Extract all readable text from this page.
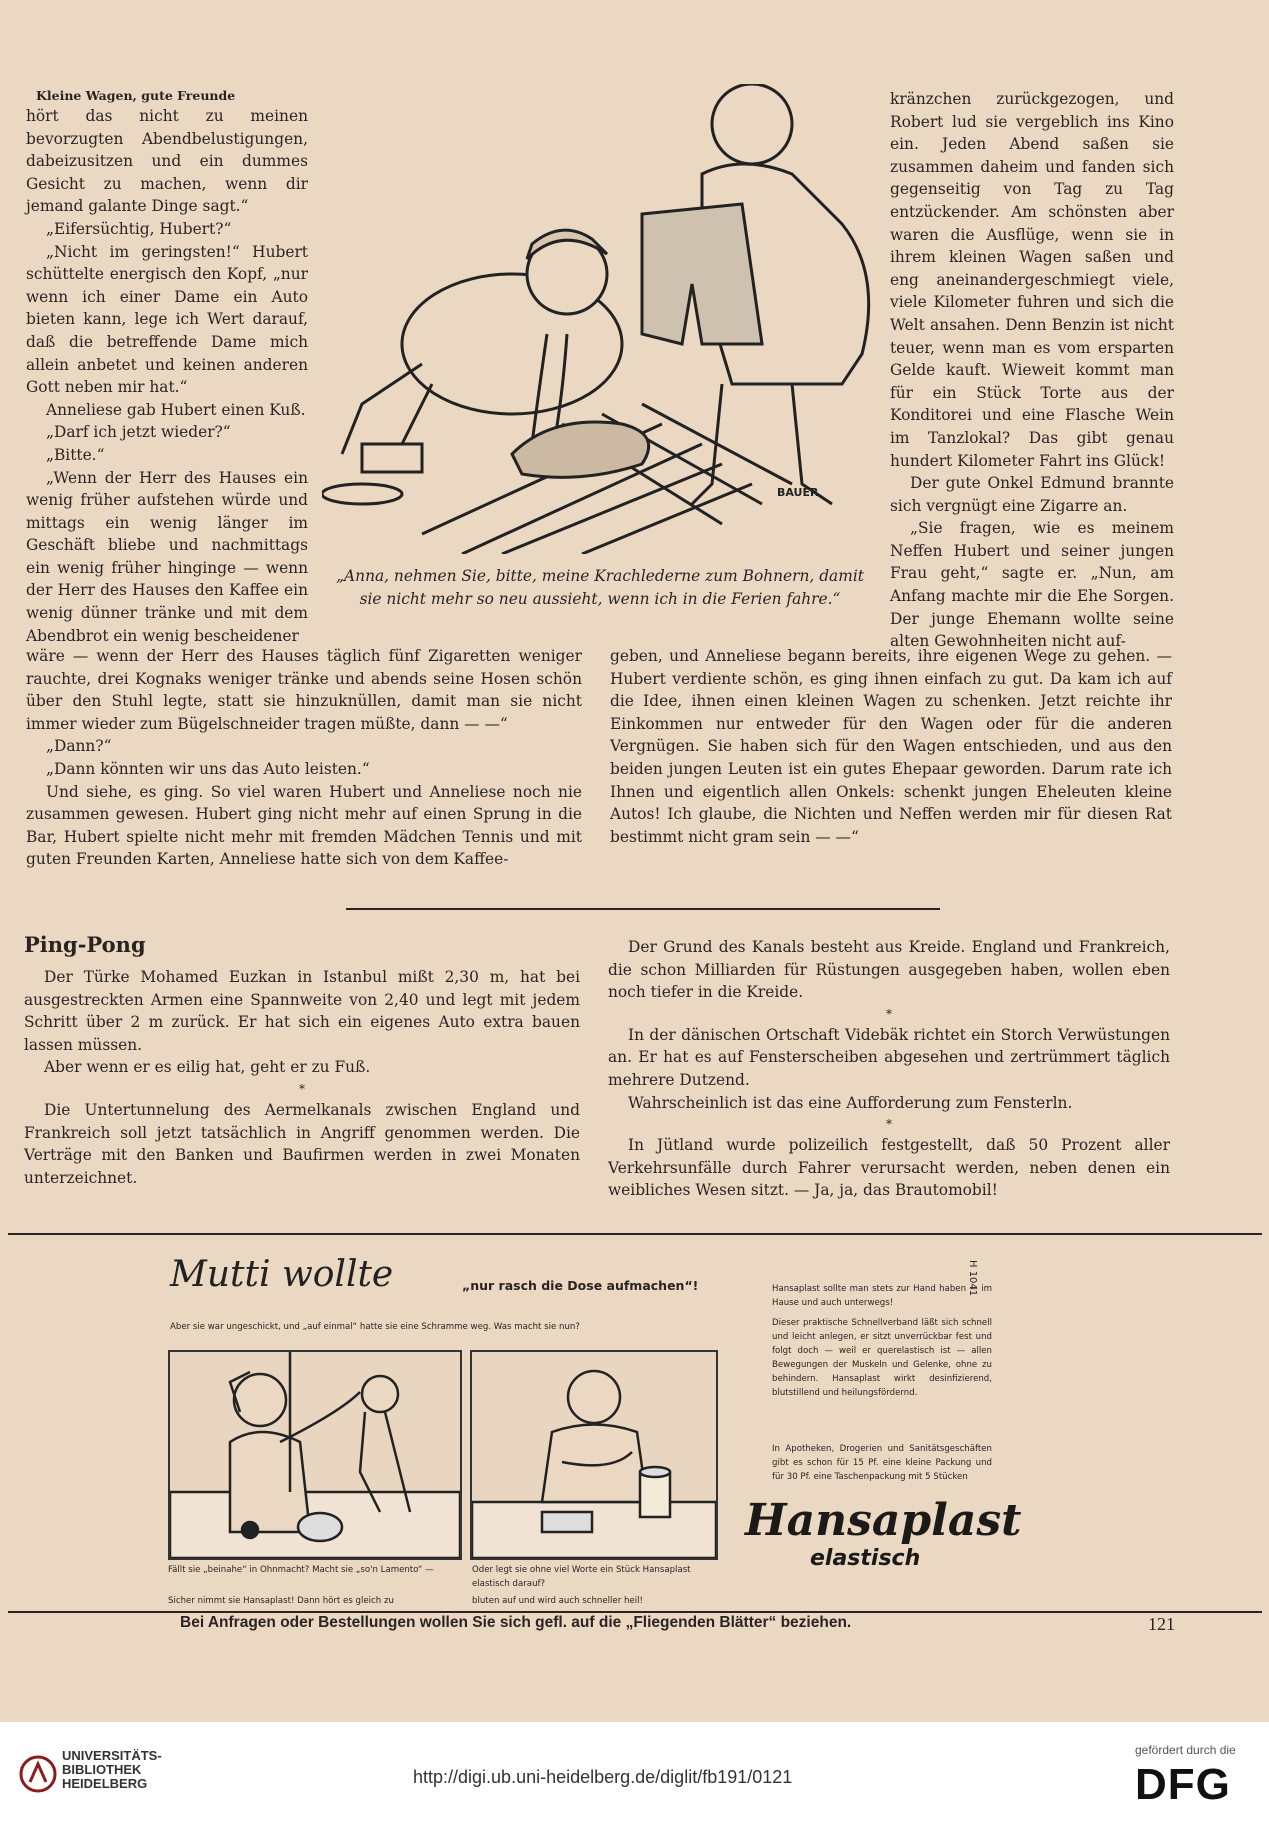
Kleine Wagen, gute Freunde

hört das nicht zu meinen bevorzugten Abendbelustigungen, dabeizusitzen und ein dummes Gesicht zu machen, wenn dir jemand galante Dinge sagt.“

„Eifersüchtig, Hubert?“

„Nicht im geringsten!“ Hubert schüttelte energisch den Kopf, „nur wenn ich einer Dame ein Auto bieten kann, lege ich Wert darauf, daß die betreffende Dame mich allein anbetet und keinen anderen Gott neben mir hat.“

Anneliese gab Hubert einen Kuß.

„Darf ich jetzt wieder?“

„Bitte.“

„Wenn der Herr des Hauses ein wenig früher aufstehen würde und mittags ein wenig länger im Geschäft bliebe und nachmittags ein wenig früher hinginge — wenn der Herr des Hauses den Kaffee ein wenig dünner tränke und mit dem Abendbrot ein wenig bescheidener

BAUER

kränzchen zurückgezogen, und Robert lud sie vergeblich ins Kino ein. Jeden Abend saßen sie zusammen daheim und fanden sich gegenseitig von Tag zu Tag entzückender. Am schönsten aber waren die Ausflüge, wenn sie in ihrem kleinen Wagen saßen und eng aneinandergeschmiegt viele, viele Kilometer fuhren und sich die Welt ansahen. Denn Benzin ist nicht teuer, wenn man es vom ersparten Gelde kauft. Wieweit kommt man für ein Stück Torte aus der Konditorei und eine Flasche Wein im Tanzlokal? Das gibt genau hundert Kilometer Fahrt ins Glück!

Der gute Onkel Edmund brannte sich vergnügt eine Zigarre an.

„Sie fragen, wie es meinem Neffen Hubert und seiner jungen Frau geht,“ sagte er. „Nun, am Anfang machte mir die Ehe Sorgen. Der junge Ehemann wollte seine alten Gewohnheiten nicht auf-

„Anna, nehmen Sie, bitte, meine Krachlederne zum Bohnern, damit sie nicht mehr so neu aussieht, wenn ich in die Ferien fahre.“

wäre — wenn der Herr des Hauses täglich fünf Zigaretten weniger rauchte, drei Kognaks weniger tränke und abends seine Hosen schön über den Stuhl legte, statt sie hinzuknüllen, damit man sie nicht immer wieder zum Bügelschneider tragen müßte, dann — —“

„Dann?“

„Dann könnten wir uns das Auto leisten.“

Und siehe, es ging. So viel waren Hubert und Anneliese noch nie zusammen gewesen. Hubert ging nicht mehr auf einen Sprung in die Bar, Hubert spielte nicht mehr mit fremden Mädchen Tennis und mit guten Freunden Karten, Anneliese hatte sich von dem Kaffee-

geben, und Anneliese begann bereits, ihre eigenen Wege zu gehen. — Hubert verdiente schön, es ging ihnen einfach zu gut. Da kam ich auf die Idee, ihnen einen kleinen Wagen zu schenken. Jetzt reichte ihr Einkommen nur entweder für den Wagen oder für die anderen Vergnügen. Sie haben sich für den Wagen entschieden, und aus den beiden jungen Leuten ist ein gutes Ehepaar geworden. Darum rate ich Ihnen und eigentlich allen Onkels: schenkt jungen Eheleuten kleine Autos! Ich glaube, die Nichten und Neffen werden mir für diesen Rat bestimmt nicht gram sein — —“

Ping-Pong

Der Türke Mohamed Euzkan in Istanbul mißt 2,30 m, hat bei ausgestreckten Armen eine Spannweite von 2,40 und legt mit jedem Schritt über 2 m zurück. Er hat sich ein eigenes Auto extra bauen lassen müssen.

Aber wenn er es eilig hat, geht er zu Fuß.

*

Die Untertunnelung des Aermelkanals zwischen England und Frankreich soll jetzt tatsächlich in Angriff genommen werden. Die Verträge mit den Banken und Baufirmen werden in zwei Monaten unterzeichnet.

Der Grund des Kanals besteht aus Kreide. England und Frankreich, die schon Milliarden für Rüstungen ausgegeben haben, wollen eben noch tiefer in die Kreide.

*

In der dänischen Ortschaft Videbäk richtet ein Storch Verwüstungen an. Er hat es auf Fensterscheiben abgesehen und zertrümmert täglich mehrere Dutzend.

Wahrscheinlich ist das eine Aufforderung zum Fensterln.

*

In Jütland wurde polizeilich festgestellt, daß 50 Prozent aller Verkehrsunfälle durch Fahrer verursacht werden, neben denen ein weibliches Wesen sitzt. — Ja, ja, das Brautomobil!

Mutti wollte	„nur rasch die Dose aufmachen“!
Aber sie war ungeschickt, und „auf einmal“ hatte sie eine Schramme weg. Was macht sie nun?
Fällt sie „beinahe“ in Ohnmacht? Macht sie „so'n Lamento“ —	Oder legt sie ohne viel Worte ein Stück Hansaplast elastisch darauf?
Sicher nimmt sie Hansaplast! Dann hört es gleich zu	bluten auf und wird auch schneller heil!
Hansaplast sollte man stets zur Hand haben — im Hause und auch unterwegs!
Dieser praktische Schnellverband läßt sich schnell und leicht anlegen, er sitzt unverrückbar fest und folgt doch — weil er querelastisch ist — allen Bewegungen der Muskeln und Gelenke, ohne zu behindern. Hansaplast wirkt desinfizierend, blutstillend und heilungsfördernd.
In Apotheken, Drogerien und Sanitätsgeschäften gibt es schon für 15 Pf. eine kleine Packung und für 30 Pf. eine Taschenpackung mit 5 Stücken
Hansaplast
elastisch
H 1041
Bei Anfragen oder Bestellungen wollen Sie sich gefl. auf die „Fliegenden Blätter“ beziehen.	121
UNIVERSITÄTS-
BIBLIOTHEK
HEIDELBERG	http://digi.ub.uni-heidelberg.de/diglit/fb191/0121
gefördert durch die
DFG
